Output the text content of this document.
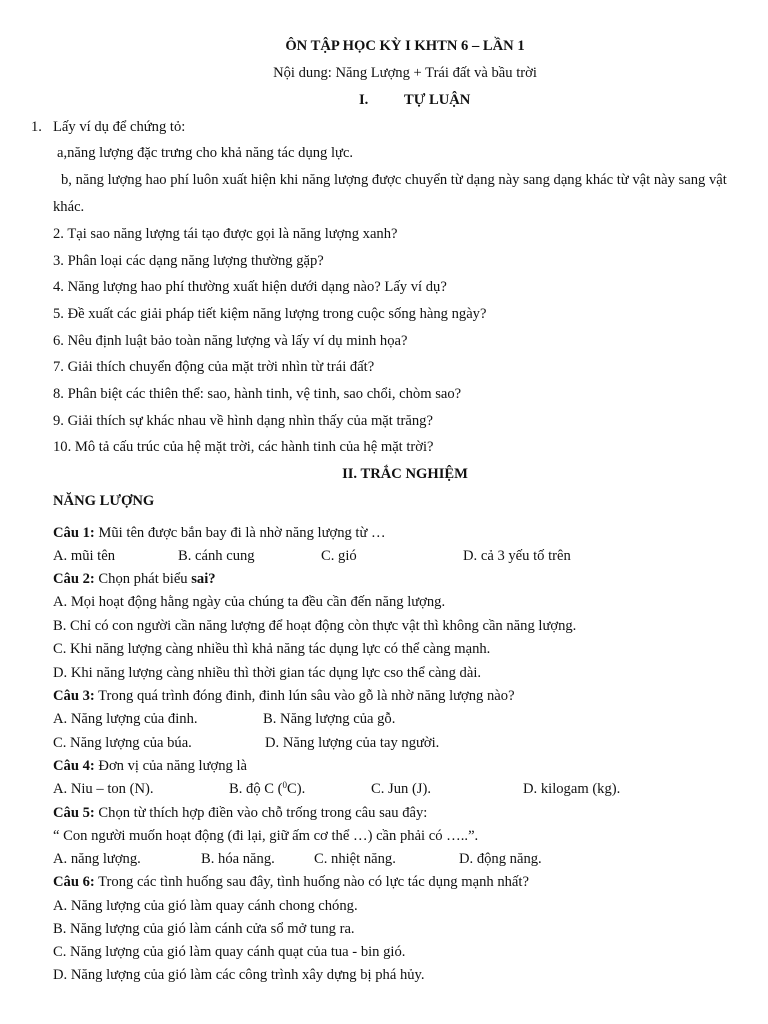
ÔN TẬP HỌC KỲ I KHTN 6 – LẦN 1
Nội dung: Năng Lượng + Trái đất và bầu trời
I. TỰ LUẬN
1. Lấy ví dụ để chứng tỏ:
a,năng lượng đặc trưng cho khả năng tác dụng lực.
b, năng lượng hao phí luôn xuất hiện khi năng lượng được chuyển từ dạng này sang dạng khác từ vật này sang vật
khác.
2. Tại sao năng lượng tái tạo được gọi là năng lượng xanh?
3. Phân loại các dạng năng lượng thường gặp?
4. Năng lượng hao phí thường xuất hiện dưới dạng nào? Lấy ví dụ?
5. Đề xuất các giải pháp tiết kiệm năng lượng trong cuộc sống hàng ngày?
6. Nêu định luật bảo toàn năng lượng và lấy ví dụ minh họa?
7. Giải thích chuyển động của mặt trời nhìn từ trái đất?
8. Phân biệt các thiên thể: sao, hành tinh, vệ tinh, sao chổi, chòm sao?
9. Giải thích sự khác nhau về hình dạng nhìn thấy của mặt trăng?
10. Mô tả cấu trúc của hệ mặt trời, các hành tinh của hệ mặt trời?
II. TRẮC NGHIỆM
NĂNG LƯỢNG
Câu 1: Mũi tên được bắn bay đi là nhờ năng lượng từ …
A. mũi tên	B. cánh cung	C. gió	D. cả 3 yếu tố trên
Câu 2: Chọn phát biểu sai?
A. Mọi hoạt động hằng ngày của chúng ta đều cần đến năng lượng.
B. Chỉ có con người cần năng lượng để hoạt động còn thực vật thì không cần năng lượng.
C. Khi năng lượng càng nhiều thì khả năng tác dụng lực có thể càng mạnh.
D. Khi năng lượng càng nhiều thì thời gian tác dụng lực cso thể càng dài.
Câu 3: Trong quá trình đóng đinh, đinh lún sâu vào gỗ là nhờ năng lượng nào?
A. Năng lượng của đinh.	B. Năng lượng của gỗ.
C. Năng lượng của búa.	D. Năng lượng của tay người.
Câu 4: Đơn vị của năng lượng là
A. Niu – ton (N).	B. độ C ($^0$C).	C. Jun (J).	D. kilogam (kg).
Câu 5: Chọn từ thích hợp điền vào chỗ trống trong câu sau đây:
“ Con người muốn hoạt động (đi lại, giữ ấm cơ thể …) cần phải có …..”.
A. năng lượng.	B. hóa năng.	C. nhiệt năng.	D. động năng.
Câu 6: Trong các tình huống sau đây, tình huống nào có lực tác dụng mạnh nhất?
A. Năng lượng của gió làm quay cánh chong chóng.
B. Năng lượng của gió làm cánh cửa sổ mở tung ra.
C. Năng lượng của gió làm quay cánh quạt của tua - bin gió.
D. Năng lượng của gió làm các công trình xây dựng bị phá hủy.
